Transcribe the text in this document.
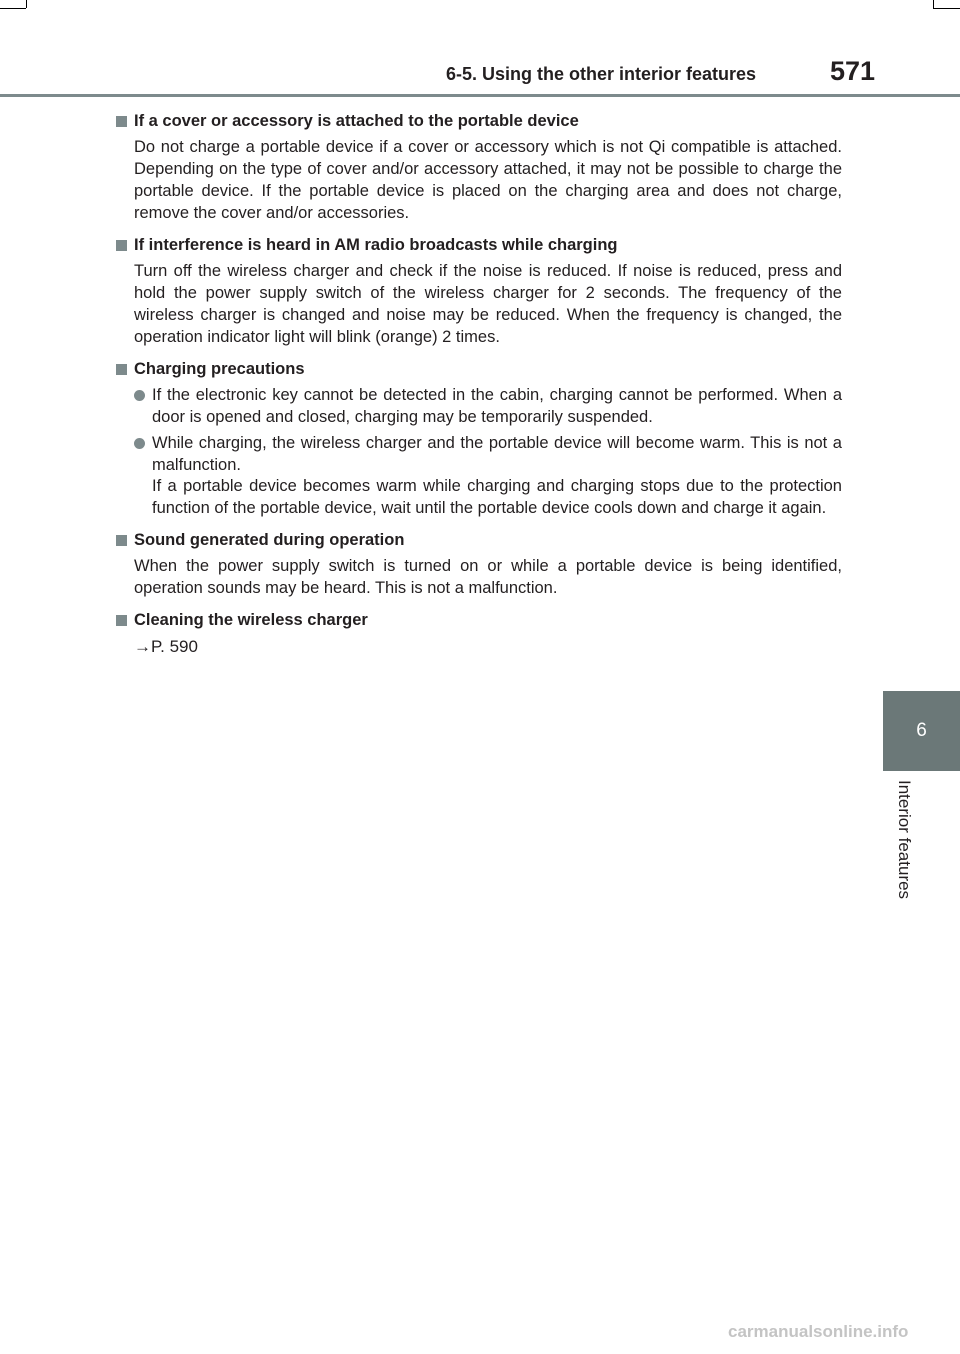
6-5. Using the other interior features	571
6
Interior features
If a cover or accessory is attached to the portable device
Do not charge a portable device if a cover or accessory which is not Qi compatible is attached. Depending on the type of cover and/or accessory attached, it may not be possible to charge the portable device. If the portable device is placed on the charging area and does not charge, remove the cover and/or accessories.
If interference is heard in AM radio broadcasts while charging
Turn off the wireless charger and check if the noise is reduced. If noise is reduced, press and hold the power supply switch of the wireless charger for 2 seconds. The frequency of the wireless charger is changed and noise may be reduced. When the frequency is changed, the operation indicator light will blink (orange) 2 times.
Charging precautions

If the electronic key cannot be detected in the cabin, charging cannot be performed. When a door is opened and closed, charging may be temporarily suspended.

While charging, the wireless charger and the portable device will become warm. This is not a malfunction.

If a portable device becomes warm while charging and charging stops due to the protection function of the portable device, wait until the portable device cools down and charge it again.

Sound generated during operation
When the power supply switch is turned on or while a portable device is being identified, operation sounds may be heard. This is not a malfunction.
Cleaning the wireless charger
→P. 590
carmanualsonline.info
